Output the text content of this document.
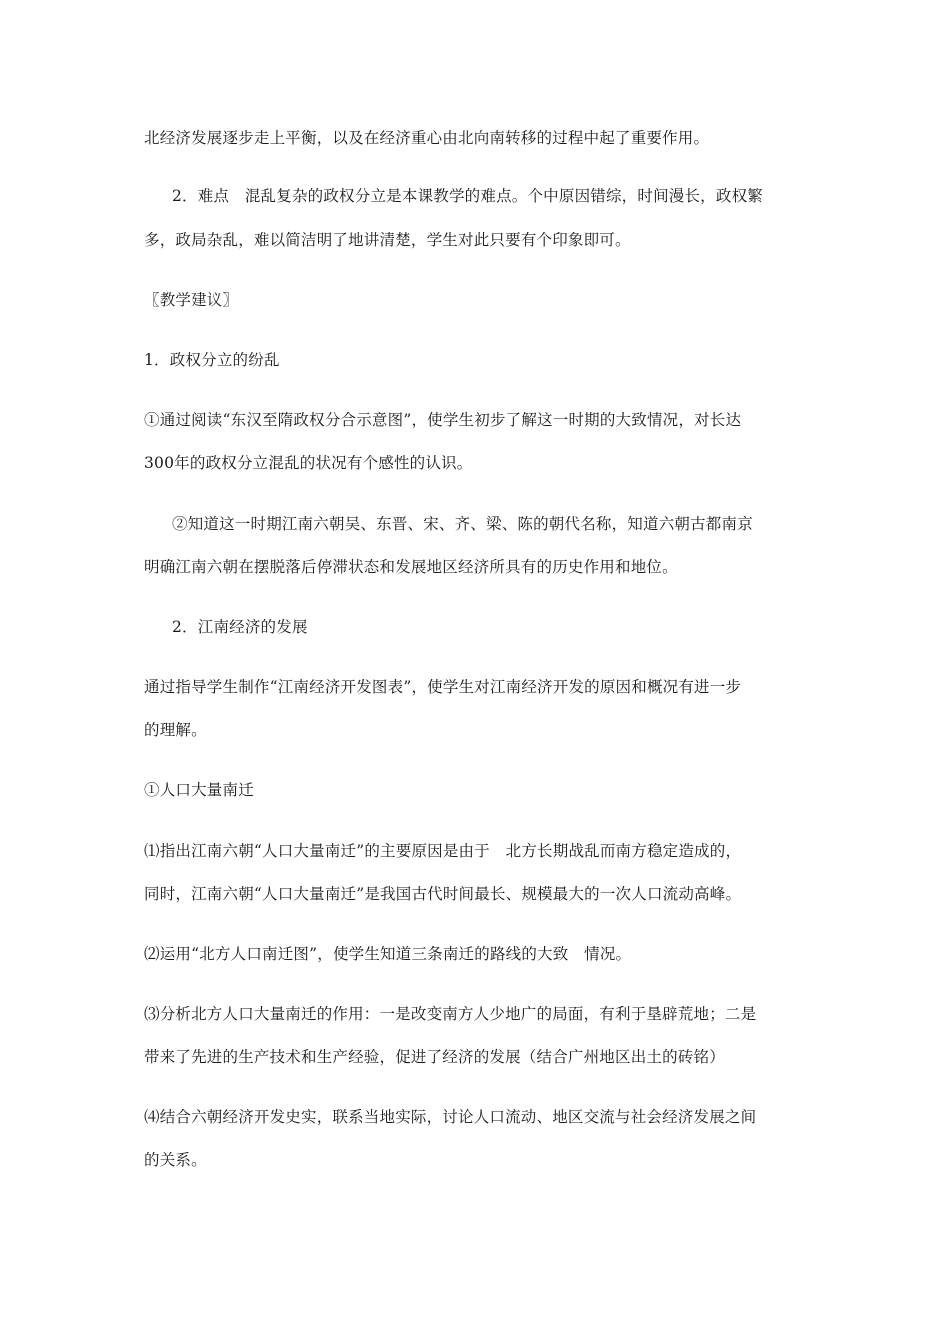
北经济发展逐步走上平衡，以及在经济重心由北向南转移的过程中起了重要作用。
2．难点　混乱复杂的政权分立是本课教学的难点。个中原因错综，时间漫长，政权繁
多，政局杂乱，难以简洁明了地讲清楚，学生对此只要有个印象即可。
〖教学建议〗
1．政权分立的纷乱
①通过阅读“东汉至隋政权分合示意图”，使学生初步了解这一时期的大致情况，对长达
300年的政权分立混乱的状况有个感性的认识。
②知道这一时期江南六朝吴、东晋、宋、齐、梁、陈的朝代名称，知道六朝古都南京
明确江南六朝在摆脱落后停滞状态和发展地区经济所具有的历史作用和地位。
2．江南经济的发展
通过指导学生制作“江南经济开发图表”，使学生对江南经济开发的原因和概况有进一步
的理解。
①人口大量南迁
⑴指出江南六朝“人口大量南迁”的主要原因是由于　北方长期战乱而南方稳定造成的，
同时，江南六朝“人口大量南迁”是我国古代时间最长、规模最大的一次人口流动高峰。
⑵运用“北方人口南迁图”，使学生知道三条南迁的路线的大致　情况。
⑶分析北方人口大量南迁的作用：一是改变南方人少地广的局面，有利于垦辟荒地；二是
带来了先进的生产技术和生产经验，促进了经济的发展（结合广州地区出土的砖铭）
⑷结合六朝经济开发史实，联系当地实际，讨论人口流动、地区交流与社会经济发展之间
的关系。
